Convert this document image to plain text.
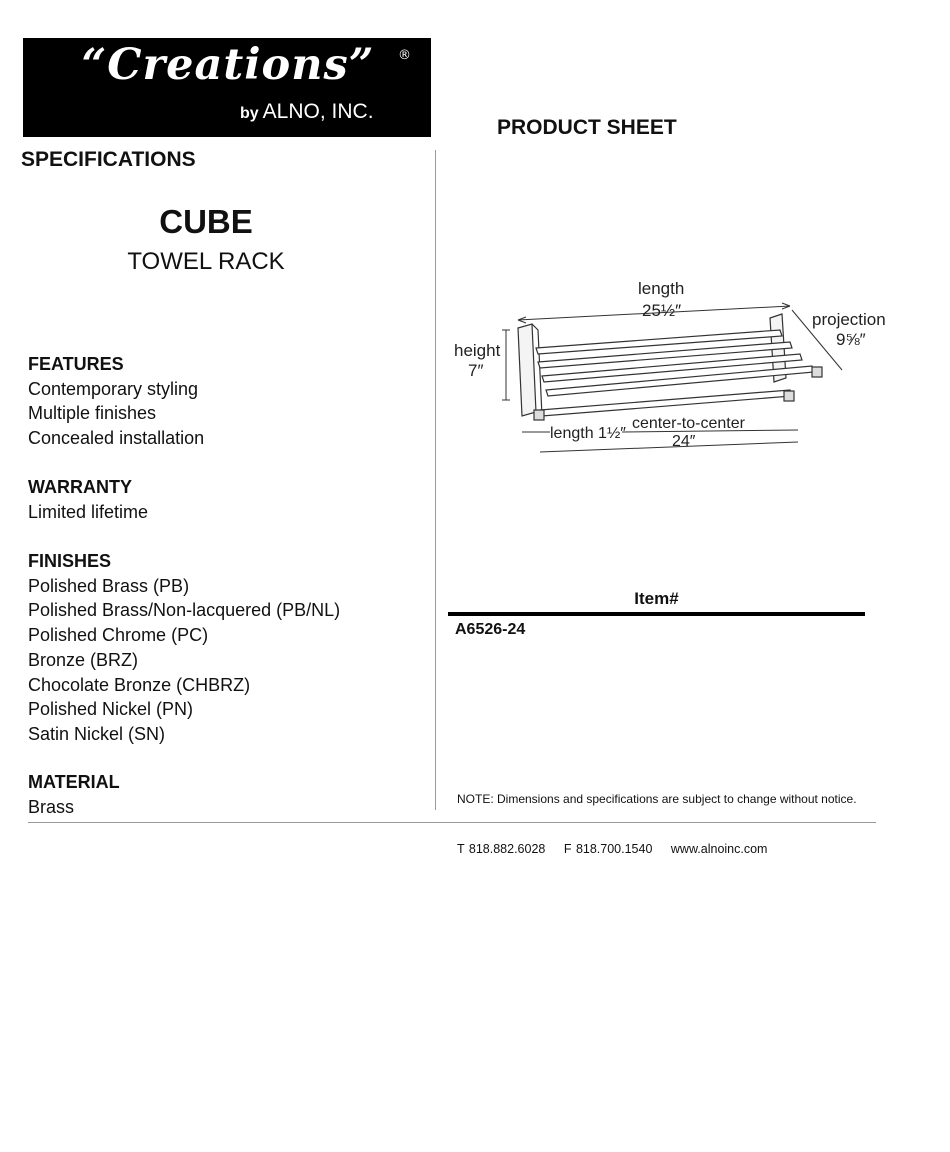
“Creations” ®
by ALNO, INC.
PRODUCT SHEET
SPECIFICATIONS
CUBE
TOWEL RACK
FEATURES
Contemporary styling
Multiple finishes
Concealed installation
WARRANTY
Limited lifetime
FINISHES
Polished Brass (PB)
Polished Brass/Non-lacquered (PB/NL)
Polished Chrome (PC)
Bronze (BRZ)
Chocolate Bronze (CHBRZ)
Polished Nickel (PN)
Satin Nickel (SN)
MATERIAL
Brass
length
25½″	projection
9⅝″
height
7″
length 1½″
center-to-center
24″
Item#
A6526-24
NOTE: Dimensions and specifications are subject to change without notice.
T 818.882.6028 F 818.700.1540 www.alnoinc.com
